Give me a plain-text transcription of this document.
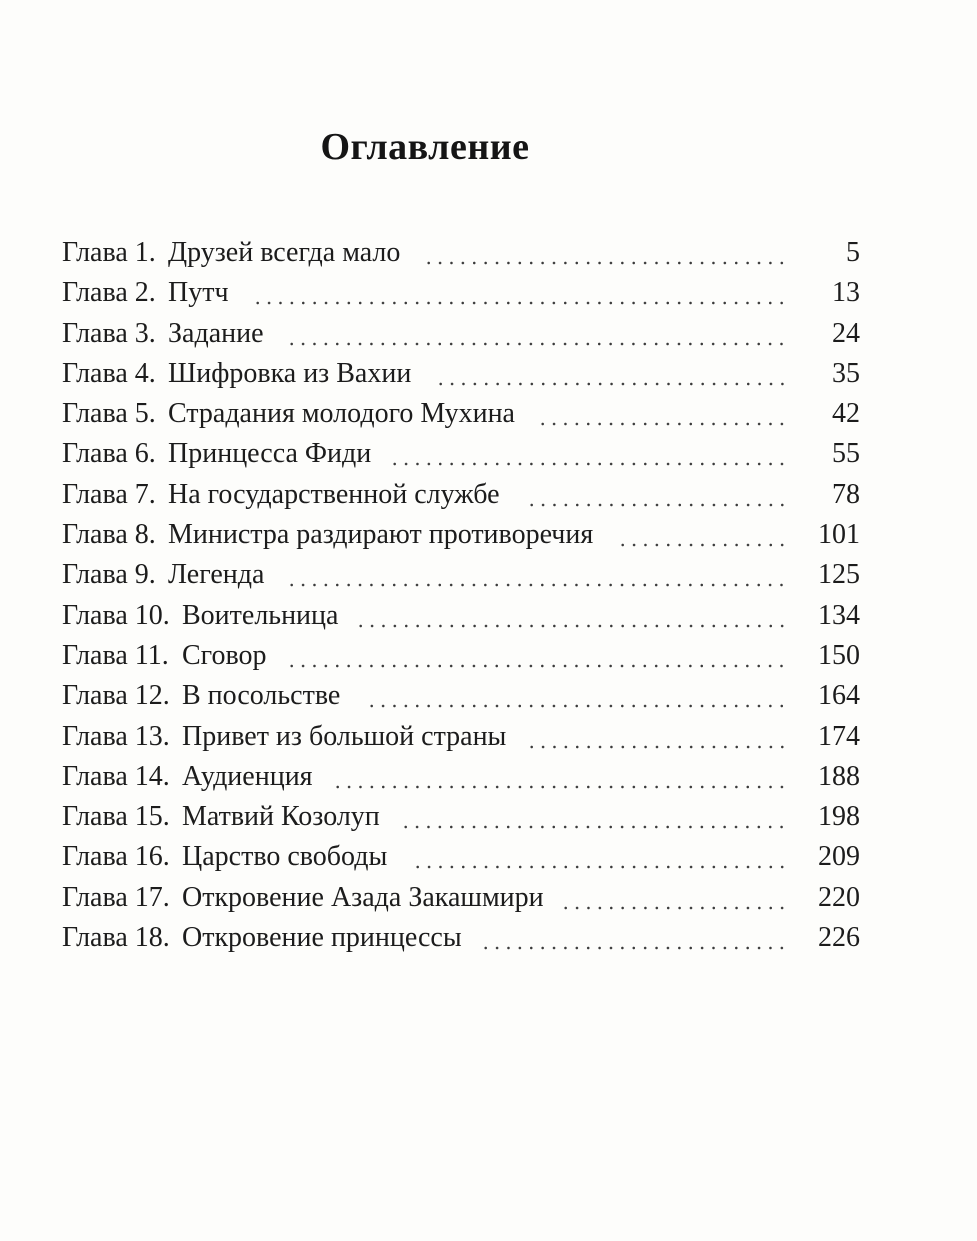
Оглавление
Глава 1. Друзей всегда мало	5
Глава 2. Путч	13
Глава 3. Задание	24
Глава 4. Шифровка из Вахии	35
Глава 5. Страдания молодого Мухина	42
Глава 6. Принцесса Фиди	55
Глава 7. На государственной службе	78
Глава 8. Министра раздирают противоречия	101
Глава 9. Легенда	125
Глава 10. Воительница	134
Глава 11. Сговор	150
Глава 12. В посольстве	164
Глава 13. Привет из большой страны	174
Глава 14. Аудиенция	188
Глава 15. Матвий Козолуп	198
Глава 16. Царство свободы	209
Глава 17. Откровение Азада Закашмири	220
Глава 18. Откровение принцессы	226
